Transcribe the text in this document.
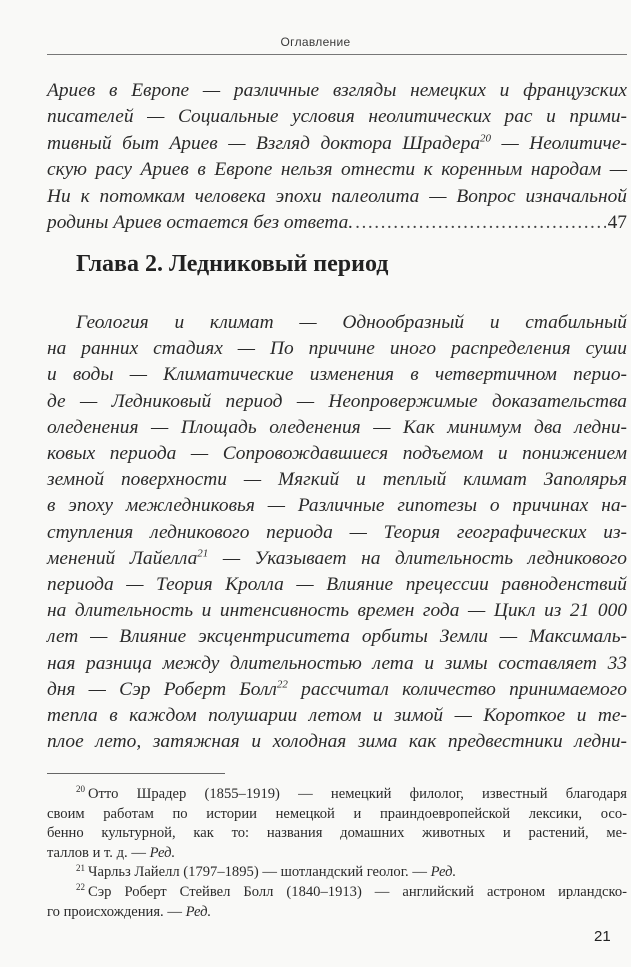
Оглавление
Ариев в Европе — различные взгляды немецких и французских
писателей — Социальные условия неолитических рас и прими-
тивный быт Ариев — Взгляд доктора Шрадера$^{20}$ — Неолитиче-
скую расу Ариев в Европе нельзя отнести к коренным народам —
Ни к потомкам человека эпохи палеолита — Вопрос изначальной
родины Ариев остается без ответа.
.....	47
Глава 2. Ледниковый период
Геология и климат — Однообразный и стабильный
на ранних стадиях — По причине иного распределения суши
и воды — Климатические изменения в четвертичном перио-
де — Ледниковый период — Неопровержимые доказательства
оледенения — Площадь оледенения — Как минимум два ледни-
ковых периода — Сопровождавшиеся подъемом и понижением
земной поверхности — Мягкий и теплый климат Заполярья
в эпоху межледниковья — Различные гипотезы о причинах на-
ступления ледникового периода — Теория географических из-
менений Лайелла$^{21}$ — Указывает на длительность ледникового
периода — Теория Кролла — Влияние прецессии равноденствий
на длительность и интенсивность времен года — Цикл из 21 000
лет — Влияние эксцентриситета орбиты Земли — Максималь-
ная разница между длительностью лета и зимы составляет 33
дня — Сэр Роберт Болл$^{22}$ рассчитал количество принимаемого
тепла в каждом полушарии летом и зимой — Короткое и те-
плое лето, затяжная и холодная зима как предвестники ледни-
$^{20}$ Отто Шрадер (1855–1919) — немецкий филолог, известный благодаря
своим работам по истории немецкой и праиндоевропейской лексики, осо-
бенно культурной, как то: названия домашних животных и растений, ме-
таллов и т. д. — Ред.
$^{21}$ Чарльз Лайелл (1797–1895) — шотландский геолог. — Ред.
$^{22}$ Сэр Роберт Стейвел Болл (1840–1913) — английский астроном ирландско-
го происхождения. — Ред.
21
